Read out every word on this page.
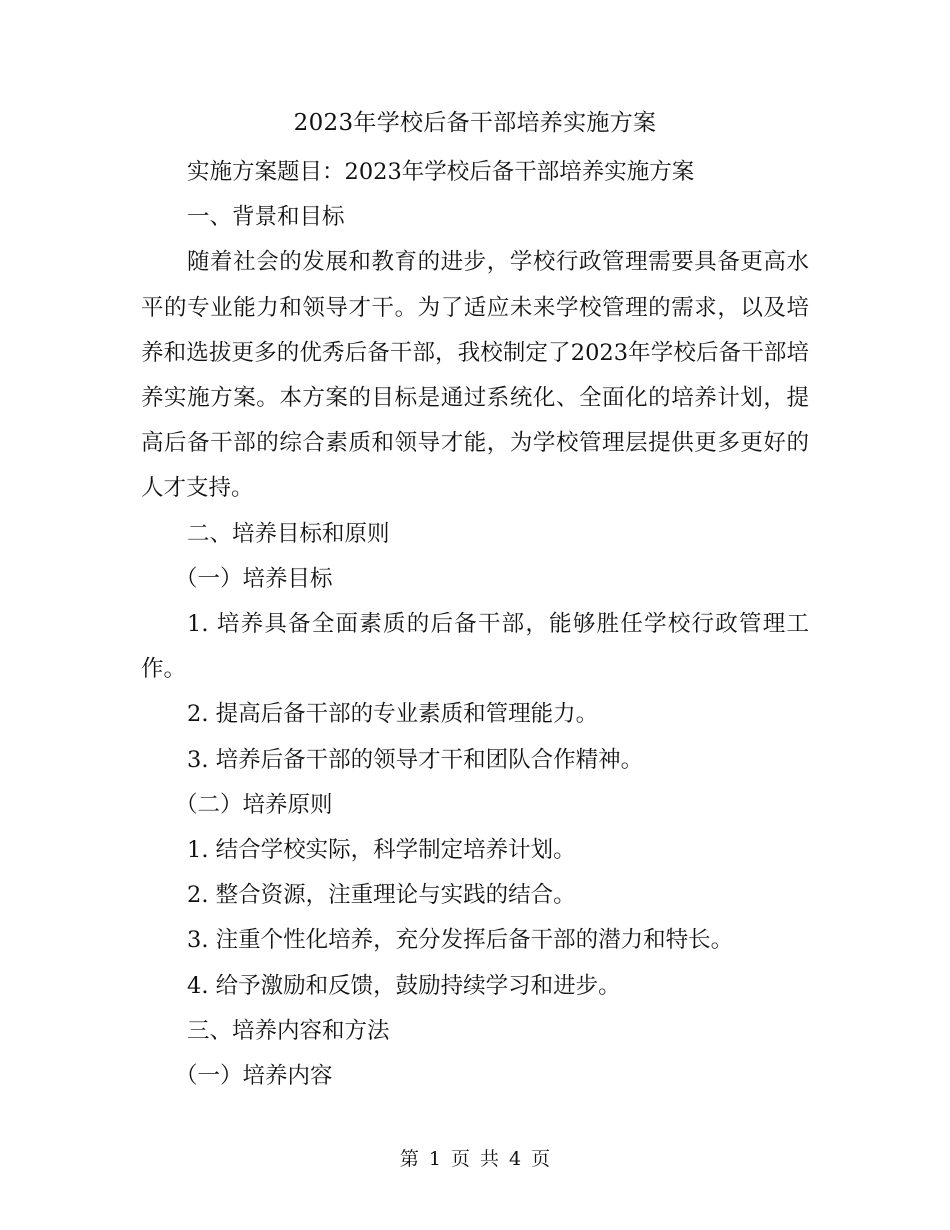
2023年学校后备干部培养实施方案

实施方案题目：2023年学校后备干部培养实施方案

一、背景和目标

随着社会的发展和教育的进步，学校行政管理需要具备更高水平的专业能力和领导才干。为了适应未来学校管理的需求，以及培养和选拔更多的优秀后备干部，我校制定了2023年学校后备干部培养实施方案。本方案的目标是通过系统化、全面化的培养计划，提高后备干部的综合素质和领导才能，为学校管理层提供更多更好的人才支持。

二、培养目标和原则

（一）培养目标

1. 培养具备全面素质的后备干部，能够胜任学校行政管理工作。

2. 提高后备干部的专业素质和管理能力。

3. 培养后备干部的领导才干和团队合作精神。

（二）培养原则

1. 结合学校实际，科学制定培养计划。

2. 整合资源，注重理论与实践的结合。

3. 注重个性化培养，充分发挥后备干部的潜力和特长。

4. 给予激励和反馈，鼓励持续学习和进步。

三、培养内容和方法

（一）培养内容

第 1 页 共 4 页
